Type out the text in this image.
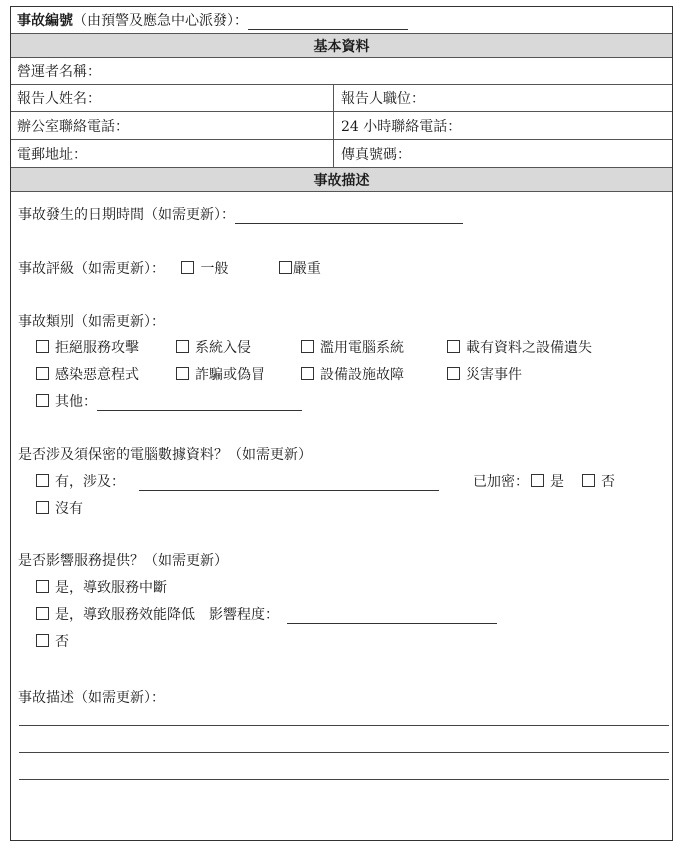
事故編號（由預警及應急中心派發）：
基本資料
營運者名稱：
報告人姓名：	報告人職位：
辦公室聯絡電話：	24 小時聯絡電話：
電郵地址：	傳真號碼：
事故描述
事故發生的日期時間（如需更新）：
事故評級（如需更新）：	一般	嚴重
事故類別（如需更新）：
拒絕服務攻擊	系統入侵	濫用電腦系統	載有資料之設備遺失
感染惡意程式	詐騙或偽冒	設備設施故障	災害事件
其他：
是否涉及須保密的電腦數據資料？（如需更新）
有，涉及：	已加密： 是	否
沒有
是否影響服務提供？（如需更新）
是，導致服務中斷
是，導致服務效能降低 影響程度：
否
事故描述（如需更新）：
